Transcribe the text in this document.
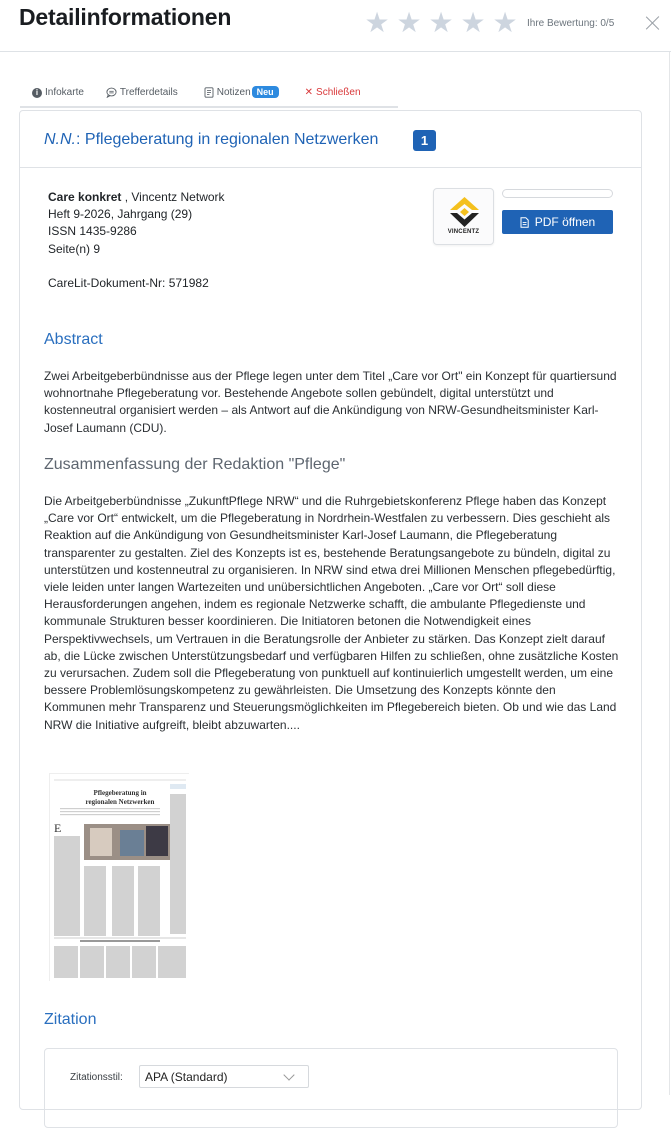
Detailinformationen	★ ★ ★ ★ ★ Ihre Bewertung: 0/5
i Infokarte	Trefferdetails	Notizen Neu	✕ Schließen
N.N.: Pflegeberatung in regionalen Netzwerken	1
Care konkret , Vincentz Network
Heft 9-2026, Jahrgang (29)
ISSN 1435-9286
Seite(n) 9
CareLit-Dokument-Nr: 571982
VINCENTZ
PDF öffnen
Abstract
Zwei Arbeitgeberbündnisse aus der Pflege legen unter dem Titel „Care vor Ort" ein Konzept für quartiersund wohnortnahe Pflegeberatung vor. Bestehende Angebote sollen gebündelt, digital unterstützt und kostenneutral organisiert werden – als Antwort auf die Ankündigung von NRW-Gesundheitsminister Karl-Josef Laumann (CDU).
Zusammenfassung der Redaktion "Pflege"
Die Arbeitgeberbündnisse „ZukunftPflege NRW“ und die Ruhrgebietskonferenz Pflege haben das Konzept „Care vor Ort“ entwickelt, um die Pflegeberatung in Nordrhein-Westfalen zu verbessern. Dies geschieht als Reaktion auf die Ankündigung von Gesundheitsminister Karl-Josef Laumann, die Pflegeberatung transparenter zu gestalten. Ziel des Konzepts ist es, bestehende Beratungsangebote zu bündeln, digital zu unterstützen und kostenneutral zu organisieren. In NRW sind etwa drei Millionen Menschen pflegebedürftig, viele leiden unter langen Wartezeiten und unübersichtlichen Angeboten. „Care vor Ort“ soll diese Herausforderungen angehen, indem es regionale Netzwerke schafft, die ambulante Pflegedienste und kommunale Strukturen besser koordinieren. Die Initiatoren betonen die Notwendigkeit eines Perspektivwechsels, um Vertrauen in die Beratungsrolle der Anbieter zu stärken. Das Konzept zielt darauf ab, die Lücke zwischen Unterstützungsbedarf und verfügbaren Hilfen zu schließen, ohne zusätzliche Kosten zu verursachen. Zudem soll die Pflegeberatung von punktuell auf kontinuierlich umgestellt werden, um eine bessere Problemlösungskompetenz zu gewährleisten. Die Umsetzung des Konzepts könnte den Kommunen mehr Transparenz und Steuerungsmöglichkeiten im Pflegebereich bieten. Ob und wie das Land NRW die Initiative aufgreift, bleibt abzuwarten....
Pflegeberatung in
regionalen Netzwerken
E
Zitation
Zitationsstil:	APA (Standard)
